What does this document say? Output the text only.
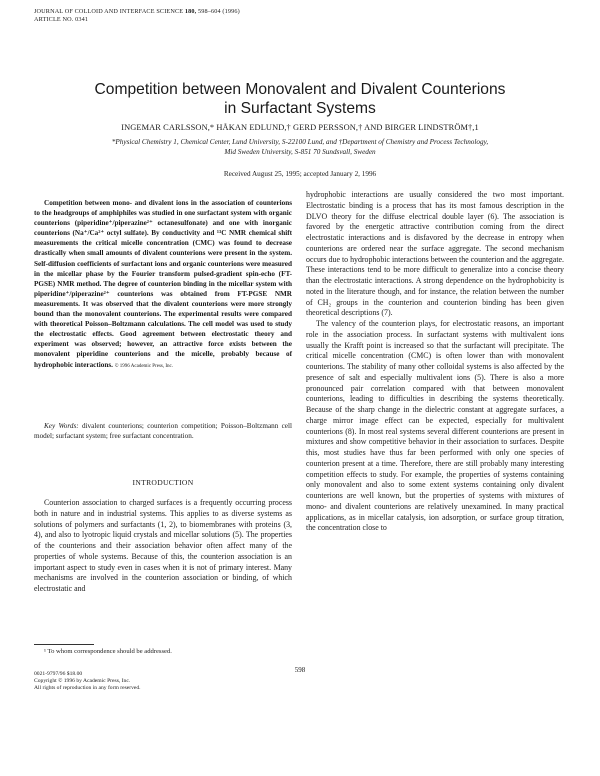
JOURNAL OF COLLOID AND INTERFACE SCIENCE 180, 598–604 (1996)
ARTICLE NO. 0341
Competition between Monovalent and Divalent Counterions
in Surfactant Systems
INGEMAR CARLSSON,* HÅKAN EDLUND,† GERD PERSSON,† AND BIRGER LINDSTRÖM†,1
*Physical Chemistry 1, Chemical Center, Lund University, S-22100 Lund, and †Department of Chemistry and Process Technology,
Mid Sweden University, S-851 70 Sundsvall, Sweden
Received August 25, 1995; accepted January 2, 1996

Competition between mono- and divalent ions in the association of counterions to the headgroups of amphiphiles was studied in one surfactant system with organic counterions (piperidine⁺/piperazine²⁺ octanesulfonate) and one with inorganic counterions (Na⁺/Ca²⁺ octyl sulfate). By conductivity and ¹³C NMR chemical shift measurements the critical micelle concentration (CMC) was found to decrease drastically when small amounts of divalent counterions were present in the system. Self-diffusion coefficients of surfactant ions and organic counterions were measured in the micellar phase by the Fourier transform pulsed-gradient spin-echo (FT-PGSE) NMR method. The degree of counterion binding in the micellar system with piperidine⁺/piperazine²⁺ counterions was obtained from FT-PGSE NMR measurements. It was observed that the divalent counterions were more strongly bound than the monovalent counterions. The experimental results were compared with theoretical Poisson–Boltzmann calculations. The cell model was used to study the electrostatic effects. Good agreement between electrostatic theory and experiment was observed; however, an attractive force exists between the monovalent piperidine counterions and the micelle, probably because of hydrophobic interactions. © 1996 Academic Press, Inc.

Key Words: divalent counterions; counterion competition; Poisson–Boltzmann cell model; surfactant system; free surfactant concentration.

INTRODUCTION

Counterion association to charged surfaces is a frequently occurring process both in nature and in industrial systems. This applies to as diverse systems as solutions of polymers and surfactants (1, 2), to biomembranes with proteins (3, 4), and also to lyotropic liquid crystals and micellar solutions (5). The properties of the counterions and their association behavior often affect many of the properties of whole systems. Because of this, the counterion association is an important aspect to study even in cases when it is not of primary interest. Many mechanisms are involved in the counterion association or binding, of which electrostatic and

¹ To whom correspondence should be addressed.

hydrophobic interactions are usually considered the two most important. Electrostatic binding is a process that has its most famous description in the DLVO theory for the diffuse electrical double layer (6). The association is favored by the energetic attractive contribution coming from the direct electrostatic interactions and is disfavored by the decrease in entropy when counterions are ordered near the surface aggregate. The second mechanism occurs due to hydrophobic interactions between the counterion and the aggregate. These interactions tend to be more difficult to generalize into a concise theory than the electrostatic interactions. A strong dependence on the hydrophobicity is noted in the literature though, and for instance, the relation between the number of CH₂ groups in the counterion and counterion binding has been given theoretical descriptions (7).

The valency of the counterion plays, for electrostatic reasons, an important role in the association process. In surfactant systems with multivalent ions usually the Krafft point is increased so that the surfactant will precipitate. The critical micelle concentration (CMC) is often lower than with monovalent counterions. The stability of many other colloidal systems is also affected by the presence of salt and especially multivalent ions (5). There is also a more pronounced pair correlation compared with that between monovalent counterions, leading to difficulties in describing the systems theoretically. Because of the sharp change in the dielectric constant at aggregate surfaces, a charge mirror image effect can be expected, especially for multivalent counterions (8). In most real systems several different counterions are present in mixtures and show competitive behavior in their association to surfaces. Despite this, most studies have thus far been performed with only one species of counterion present at a time. Therefore, there are still probably many interesting competition effects to study. For example, the properties of systems containing only monovalent and also to some extent systems containing only divalent counterions are well known, but the properties of systems with mixtures of mono- and divalent counterions are relatively unexamined. In many practical applications, as in micellar catalysis, ion adsorption, or surface group titration, the concentration close to

598
0021-9797/96 $18.00
Copyright © 1996 by Academic Press, Inc.
All rights of reproduction in any form reserved.
